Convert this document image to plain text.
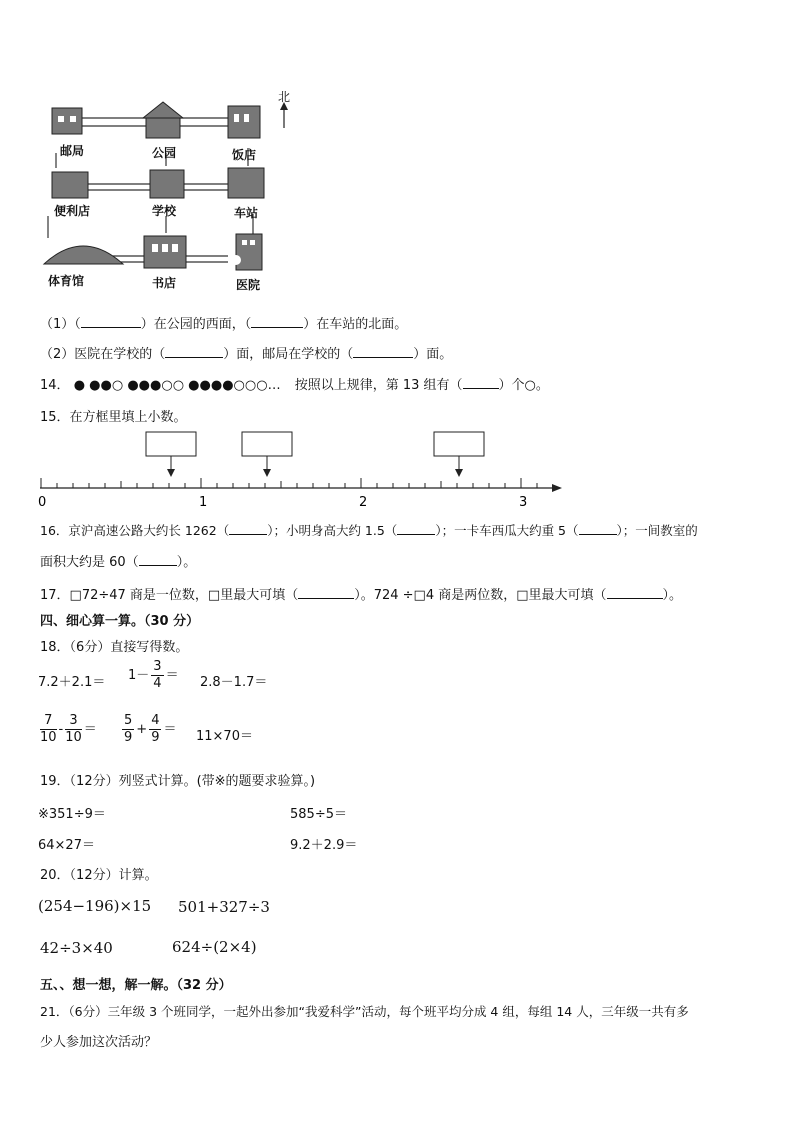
北
邮局	公园	饭店
便利店	学校	车站
体育馆	书店	医院
（1）（	）在公园的西面，（	）在车站的北面。
（2）医院在学校的（	）面，邮局在学校的（	）面。
14． ● ●●○ ●●●○○ ●●●●○○○… 按照以上规律，第 13 组有（	）个○。
15．在方框里填上小数。
0	1	2	3
16．京沪高速公路大约长 1262（	）；小明身高大约 1.5（	）；一卡车西瓜大约重 5（	）；一间教室的
面积大约是 60（	）。
17．□72÷47 商是一位数，□里最大可填（	）。724 ÷□4 商是两位数，□里最大可填（	）。
四、细心算一算。（30 分）
18．（6分）直接写得数。
$7.2+2.1= 1- \frac{3}{4} = 2.8-1.7=$
$\frac{7}{10} - \frac{3}{10} = \frac{5}{9} + \frac{4}{9} = 11\times 70=$
19．（12分）列竖式计算。(带※的题要求验算。)
※351÷9＝	585÷5＝
64×27＝	9.2＋2.9＝
20．（12分）计算。
(254−196)×15 501+327÷3
42÷3×40	624÷(2×4)
五、、想一想，解一解。（32 分）
21．（6分）三年级 3 个班同学，一起外出参加“我爱科学”活动，每个班平均分成 4 组，每组 14 人，三年级一共有多
少人参加这次活动？
